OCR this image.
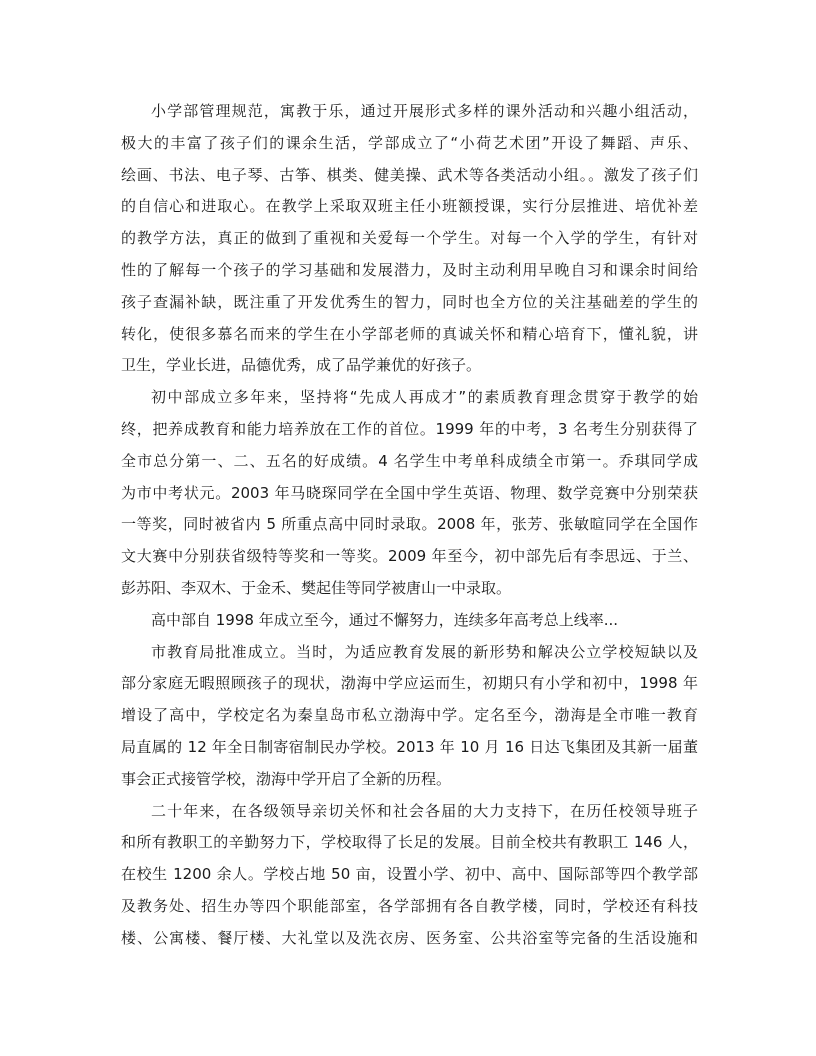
小学部管理规范，寓教于乐，通过开展形式多样的课外活动和兴趣小组活动，
极大的丰富了孩子们的课余生活，学部成立了“小荷艺术团”开设了舞蹈、声乐、
绘画、书法、电子琴、古筝、棋类、健美操、武术等各类活动小组。。激发了孩子们
的自信心和进取心。在教学上采取双班主任小班额授课，实行分层推进、培优补差
的教学方法，真正的做到了重视和关爱每一个学生。对每一个入学的学生，有针对
性的了解每一个孩子的学习基础和发展潜力，及时主动利用早晚自习和课余时间给
孩子查漏补缺，既注重了开发优秀生的智力，同时也全方位的关注基础差的学生的
转化，使很多慕名而来的学生在小学部老师的真诚关怀和精心培育下，懂礼貌，讲
卫生，学业长进，品德优秀，成了品学兼优的好孩子。
初中部成立多年来，坚持将“先成人再成才”的素质教育理念贯穿于教学的始
终，把养成教育和能力培养放在工作的首位。1999 年的中考，3 名考生分别获得了
全市总分第一、二、五名的好成绩。4 名学生中考单科成绩全市第一。乔琪同学成
为市中考状元。2003 年马晓琛同学在全国中学生英语、物理、数学竞赛中分别荣获
一等奖，同时被省内 5 所重点高中同时录取。2008 年，张芳、张敏暄同学在全国作
文大赛中分别获省级特等奖和一等奖。2009 年至今，初中部先后有李思远、于兰、
彭苏阳、李双木、于金禾、樊起佳等同学被唐山一中录取。
高中部自 1998 年成立至今，通过不懈努力，连续多年高考总上线率...
市教育局批准成立。当时，为适应教育发展的新形势和解决公立学校短缺以及
部分家庭无暇照顾孩子的现状，渤海中学应运而生，初期只有小学和初中，1998 年
增设了高中，学校定名为秦皇岛市私立渤海中学。定名至今，渤海是全市唯一教育
局直属的 12 年全日制寄宿制民办学校。2013 年 10 月 16 日达飞集团及其新一届董
事会正式接管学校，渤海中学开启了全新的历程。
二十年来，在各级领导亲切关怀和社会各届的大力支持下，在历任校领导班子
和所有教职工的辛勤努力下，学校取得了长足的发展。目前全校共有教职工 146 人，
在校生 1200 余人。学校占地 50 亩，设置小学、初中、高中、国际部等四个教学部
及教务处、招生办等四个职能部室，各学部拥有各自教学楼，同时，学校还有科技
楼、公寓楼、餐厅楼、大礼堂以及洗衣房、医务室、公共浴室等完备的生活设施和
